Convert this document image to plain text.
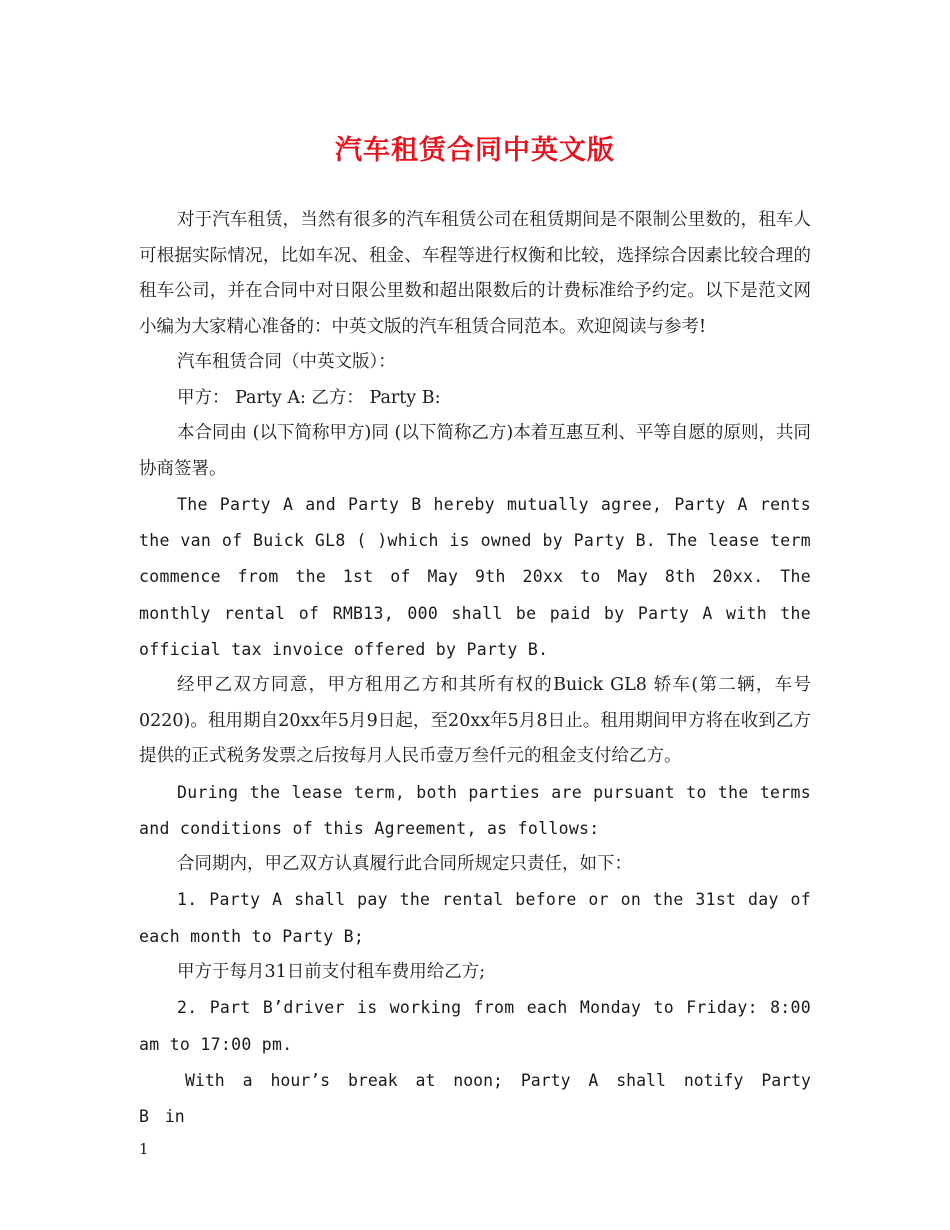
汽车租赁合同中英文版

对于汽车租赁，当然有很多的汽车租赁公司在租赁期间是不限制公里数的，租车人可根据实际情况，比如车况、租金、车程等进行权衡和比较，选择综合因素比较合理的租车公司，并在合同中对日限公里数和超出限数后的计费标准给予约定。以下是范文网小编为大家精心准备的：中英文版的汽车租赁合同范本。欢迎阅读与参考!

汽车租赁合同（中英文版）：

甲方： Party A: 乙方： Party B:

本合同由 (以下简称甲方)同 (以下简称乙方)本着互惠互利、平等自愿的原则，共同协商签署。

The Party A and Party B hereby mutually agree, Party A rents the van of Buick GL8 ( )which is owned by Party B. The lease term commence from the 1st of May 9th 20xx to May 8th 20xx. The monthly rental of RMB13, 000 shall be paid by Party A with the official tax invoice offered by Party B.

经甲乙双方同意，甲方租用乙方和其所有权的Buick GL8 轿车(第二辆，车号0220)。租用期自20xx年5月9日起，至20xx年5月8日止。租用期间甲方将在收到乙方提供的正式税务发票之后按每月人民币壹万叁仟元的租金支付给乙方。

During the lease term, both parties are pursuant to the terms and conditions of this Agreement, as follows:

合同期内，甲乙双方认真履行此合同所规定只责任，如下：

1. Party A shall pay the rental before or on the 31st day of each month to Party B;

甲方于每月31日前支付租车费用给乙方;

2. Part B’driver is working from each Monday to Friday: 8:00 am to 17:00 pm.

With a hour’s break at noon; Party A shall notify Party B in

1
